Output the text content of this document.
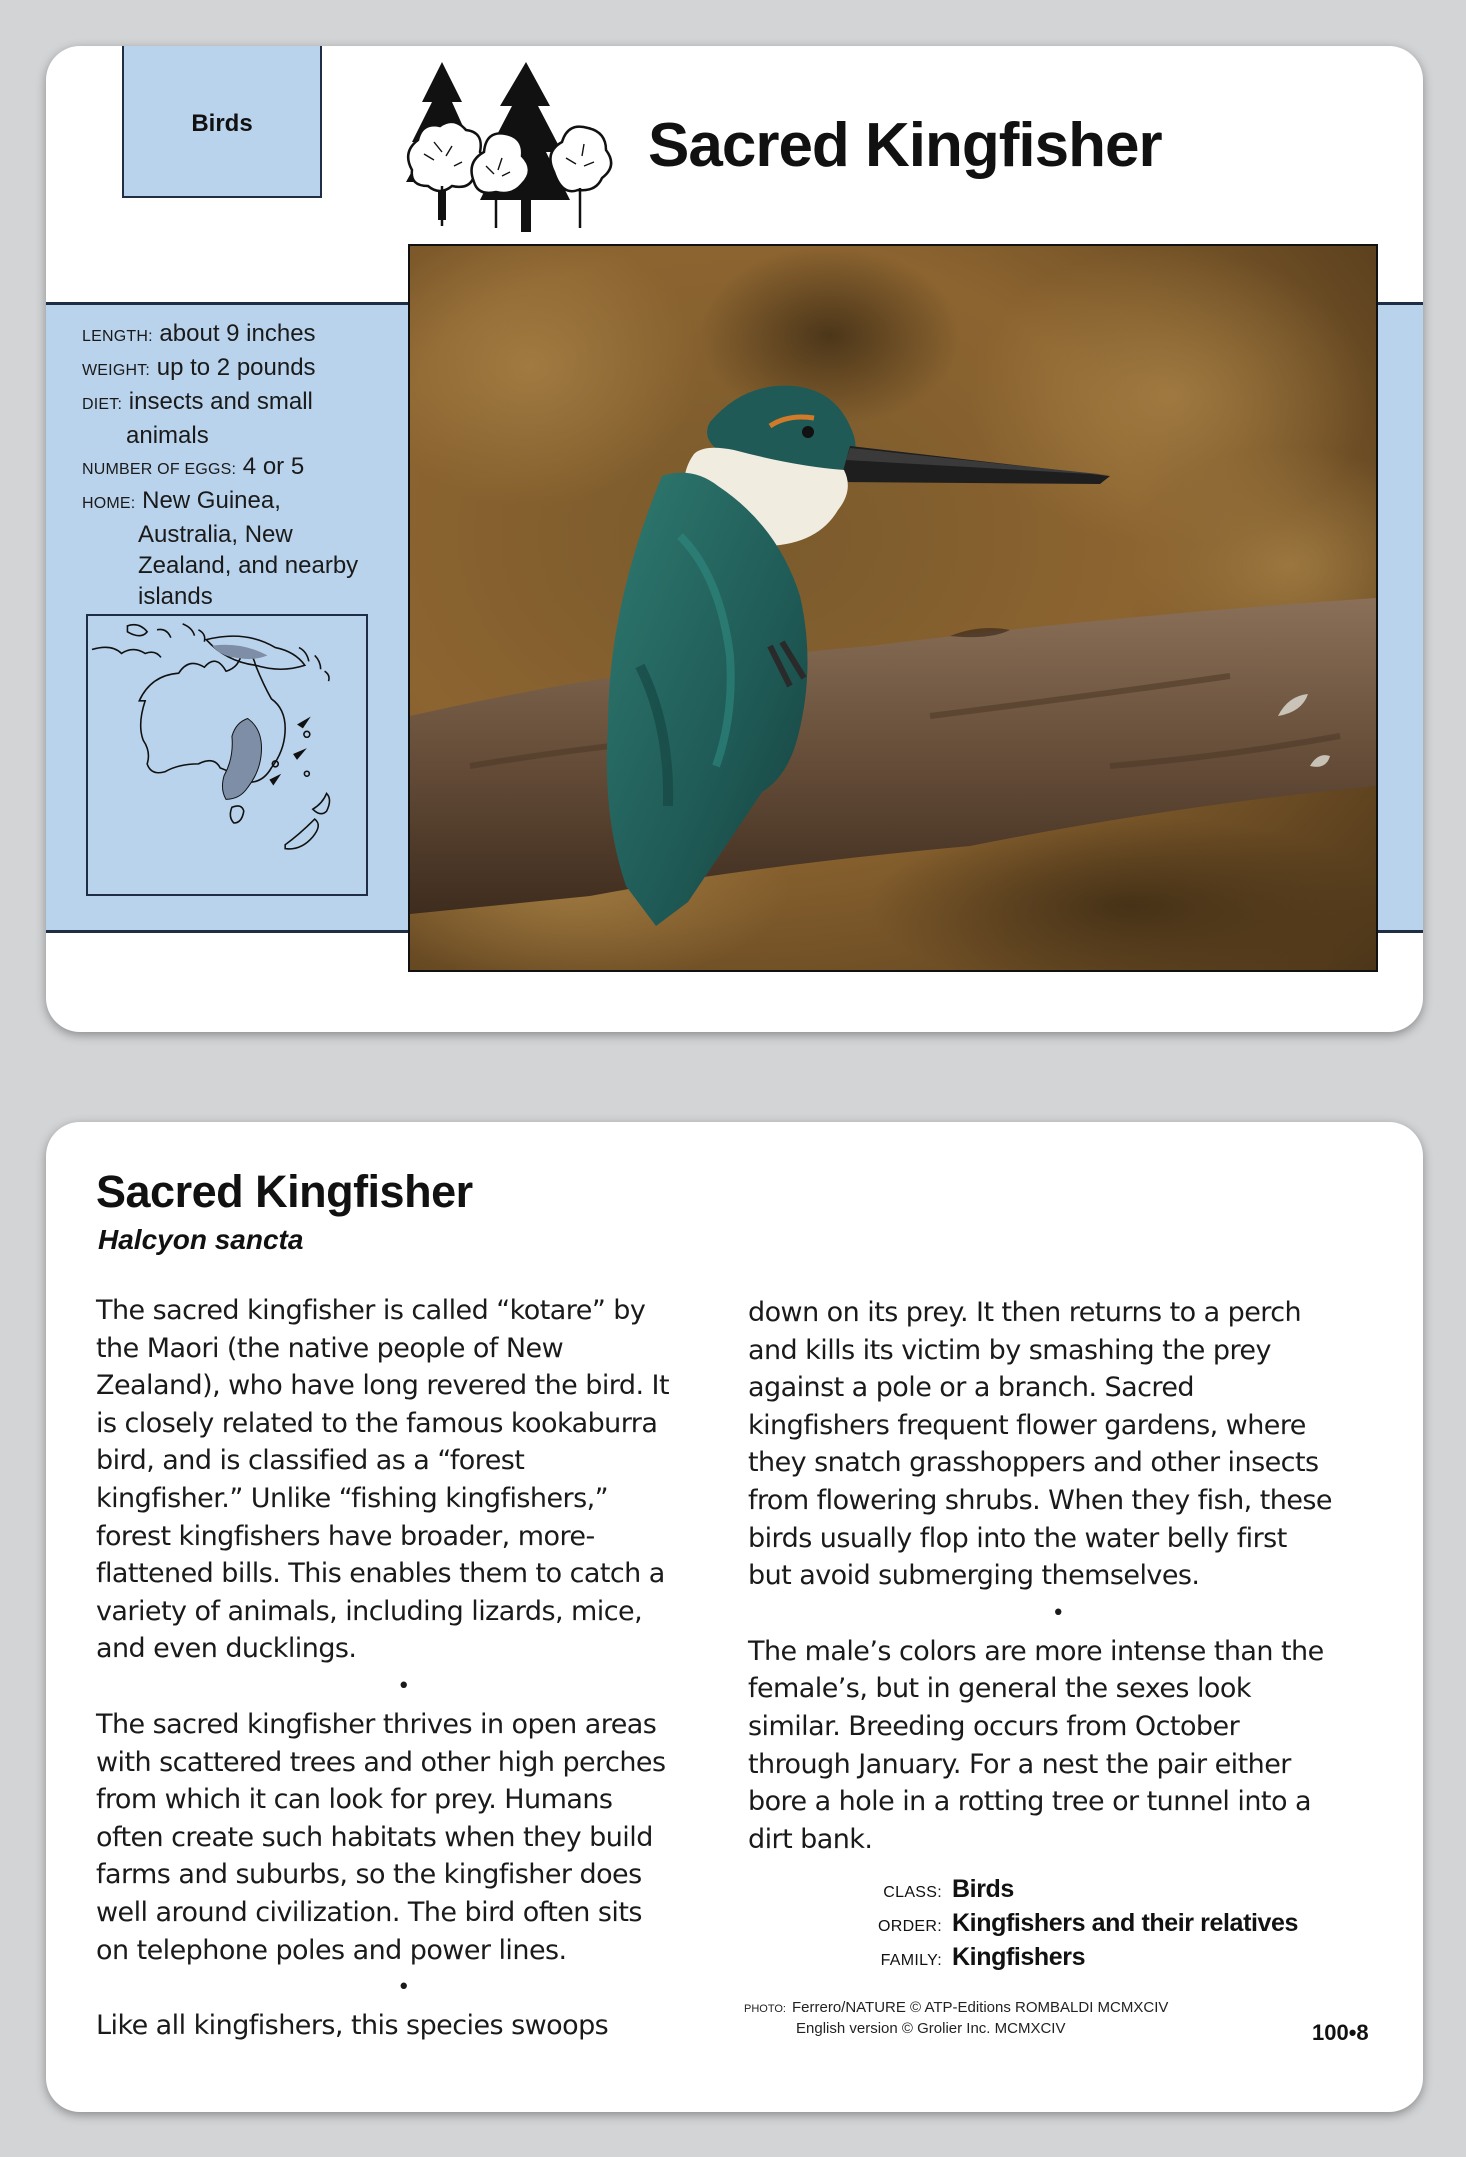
Birds	Sacred Kingfisher
LENGTH: about 9 inches
WEIGHT: up to 2 pounds
DIET: insects and small
animals
NUMBER OF EGGS: 4 or 5
HOME: New Guinea,
Australia, New
Zealand, and nearby
islands
Sacred Kingfisher
Halcyon sancta

The sacred kingfisher is called “kotare” by
the Maori (the native people of New
Zealand), who have long revered the bird. It
is closely related to the famous kookaburra
bird, and is classified as a “forest
kingfisher.” Unlike “fishing kingfishers,”
forest kingfishers have broader, more-
flattened bills. This enables them to catch a
variety of animals, including lizards, mice,
and even ducklings.

•

The sacred kingfisher thrives in open areas
with scattered trees and other high perches
from which it can look for prey. Humans
often create such habitats when they build
farms and suburbs, so the kingfisher does
well around civilization. The bird often sits
on telephone poles and power lines.

•

Like all kingfishers, this species swoops

down on its prey. It then returns to a perch
and kills its victim by smashing the prey
against a pole or a branch. Sacred
kingfishers frequent flower gardens, where
they snatch grasshoppers and other insects
from flowering shrubs. When they fish, these
birds usually flop into the water belly first
but avoid submerging themselves.

•

The male’s colors are more intense than the
female’s, but in general the sexes look
similar. Breeding occurs from October
through January. For a nest the pair either
bore a hole in a rotting tree or tunnel into a
dirt bank.

CLASS: Birds
ORDER: Kingfishers and their relatives
FAMILY: Kingfishers
PHOTO: Ferrero/NATURE © ATP-Editions ROMBALDI MCMXCIV
English version © Grolier Inc. MCMXCIV	100•8
